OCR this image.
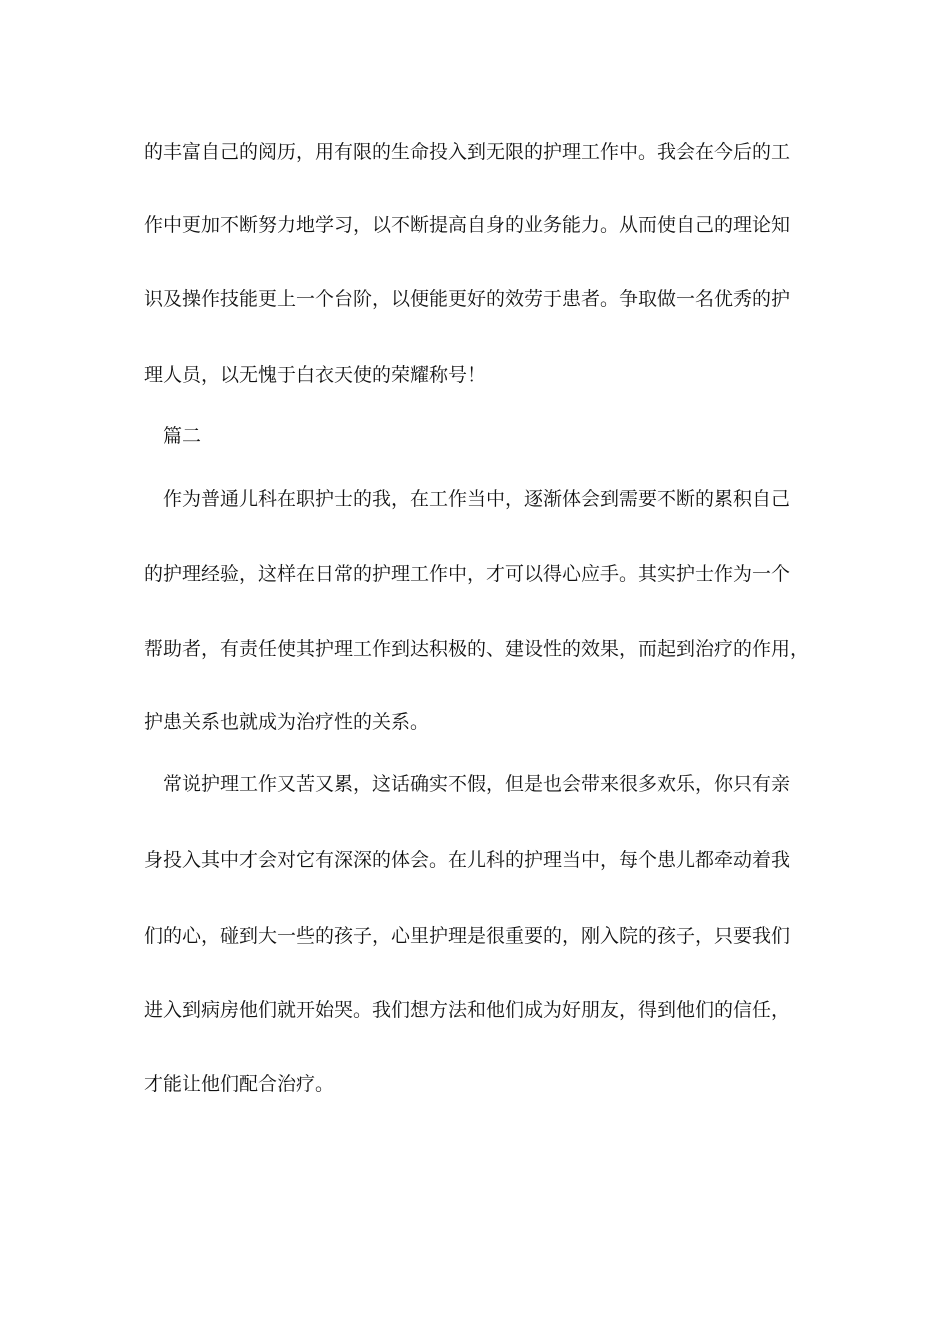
的丰富自己的阅历，用有限的生命投入到无限的护理工作中。我会在今后的工

作中更加不断努力地学习，以不断提高自身的业务能力。从而使自己的理论知

识及操作技能更上一个台阶，以便能更好的效劳于患者。争取做一名优秀的护

理人员，以无愧于白衣天使的荣耀称号！

篇二

作为普通儿科在职护士的我，在工作当中，逐渐体会到需要不断的累积自己

的护理经验，这样在日常的护理工作中，才可以得心应手。其实护士作为一个

帮助者，有责任使其护理工作到达积极的、建设性的效果，而起到治疗的作用，

护患关系也就成为治疗性的关系。

常说护理工作又苦又累，这话确实不假，但是也会带来很多欢乐，你只有亲

身投入其中才会对它有深深的体会。在儿科的护理当中，每个患儿都牵动着我

们的心，碰到大一些的孩子，心里护理是很重要的，刚入院的孩子，只要我们

进入到病房他们就开始哭。我们想方法和他们成为好朋友，得到他们的信任，

才能让他们配合治疗。
